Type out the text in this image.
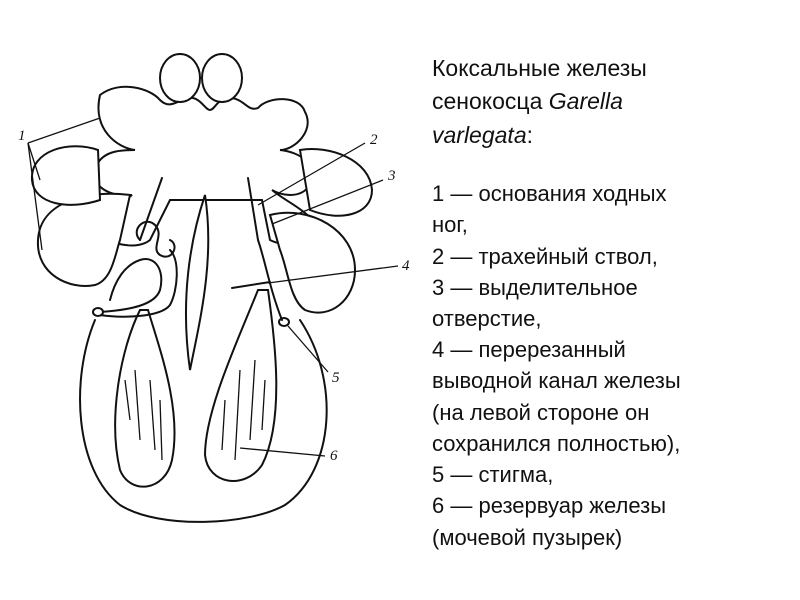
1	2
3
4
5
6

Коксальные железы

сенокосца Garella

varlegata:

1 — основания ходных

ног,

2 — трахейный ствол,

3 — выделительное

отверстие,

4 — перерезанный

выводной канал железы

(на левой стороне он

сохранился полностью),

5 — стигма,

6 — резервуар железы

(мочевой пузырек)
